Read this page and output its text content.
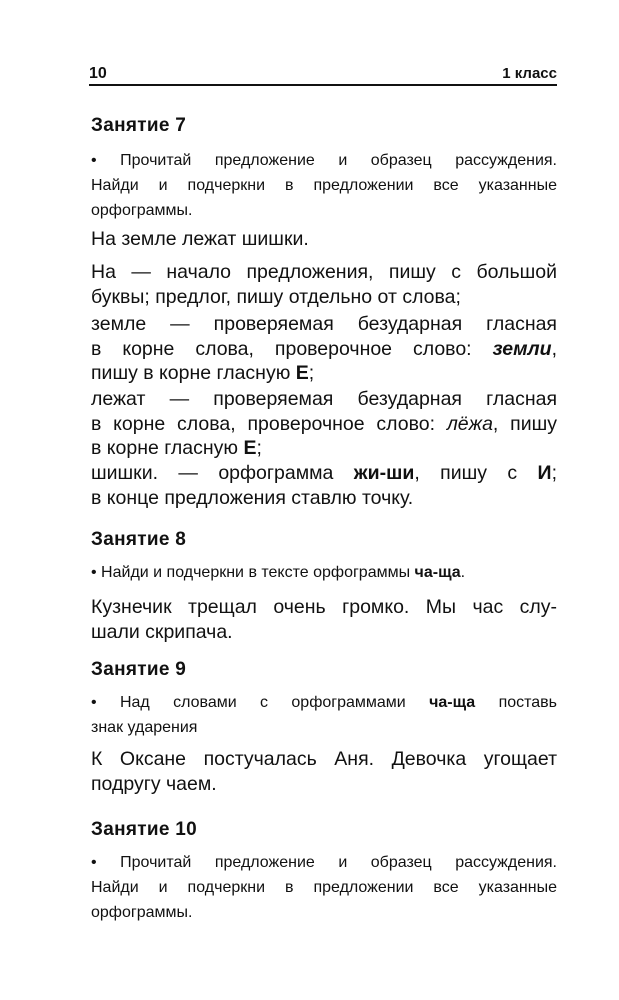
10	1 класс
Занятие 7
• Прочитай предложение и образец рассуждения.
Найди и подчеркни в предложении все указанные
орфограммы.

На земле лежат шишки.

На — начало предложения, пишу с большой
буквы; предлог, пишу отдельно от слова;
земле — проверяемая безударная гласная
в корне слова, проверочное слово: земли,
пишу в корне гласную Е;
лежат — проверяемая безударная гласная
в корне слова, проверочное слово: лёжа, пишу
в корне гласную Е;
шишки. — орфограмма жи-ши, пишу с И;
в конце предложения ставлю точку.
Занятие 8
• Найди и подчеркни в тексте орфограммы ча-ща.
Кузнечик трещал очень громко. Мы час слу-
шали скрипача.
Занятие 9
• Над словами с орфограммами ча-ща поставь
знак ударения
К Оксане постучалась Аня. Девочка угощает
подругу чаем.
Занятие 10
• Прочитай предложение и образец рассуждения.
Найди и подчеркни в предложении все указанные
орфограммы.
